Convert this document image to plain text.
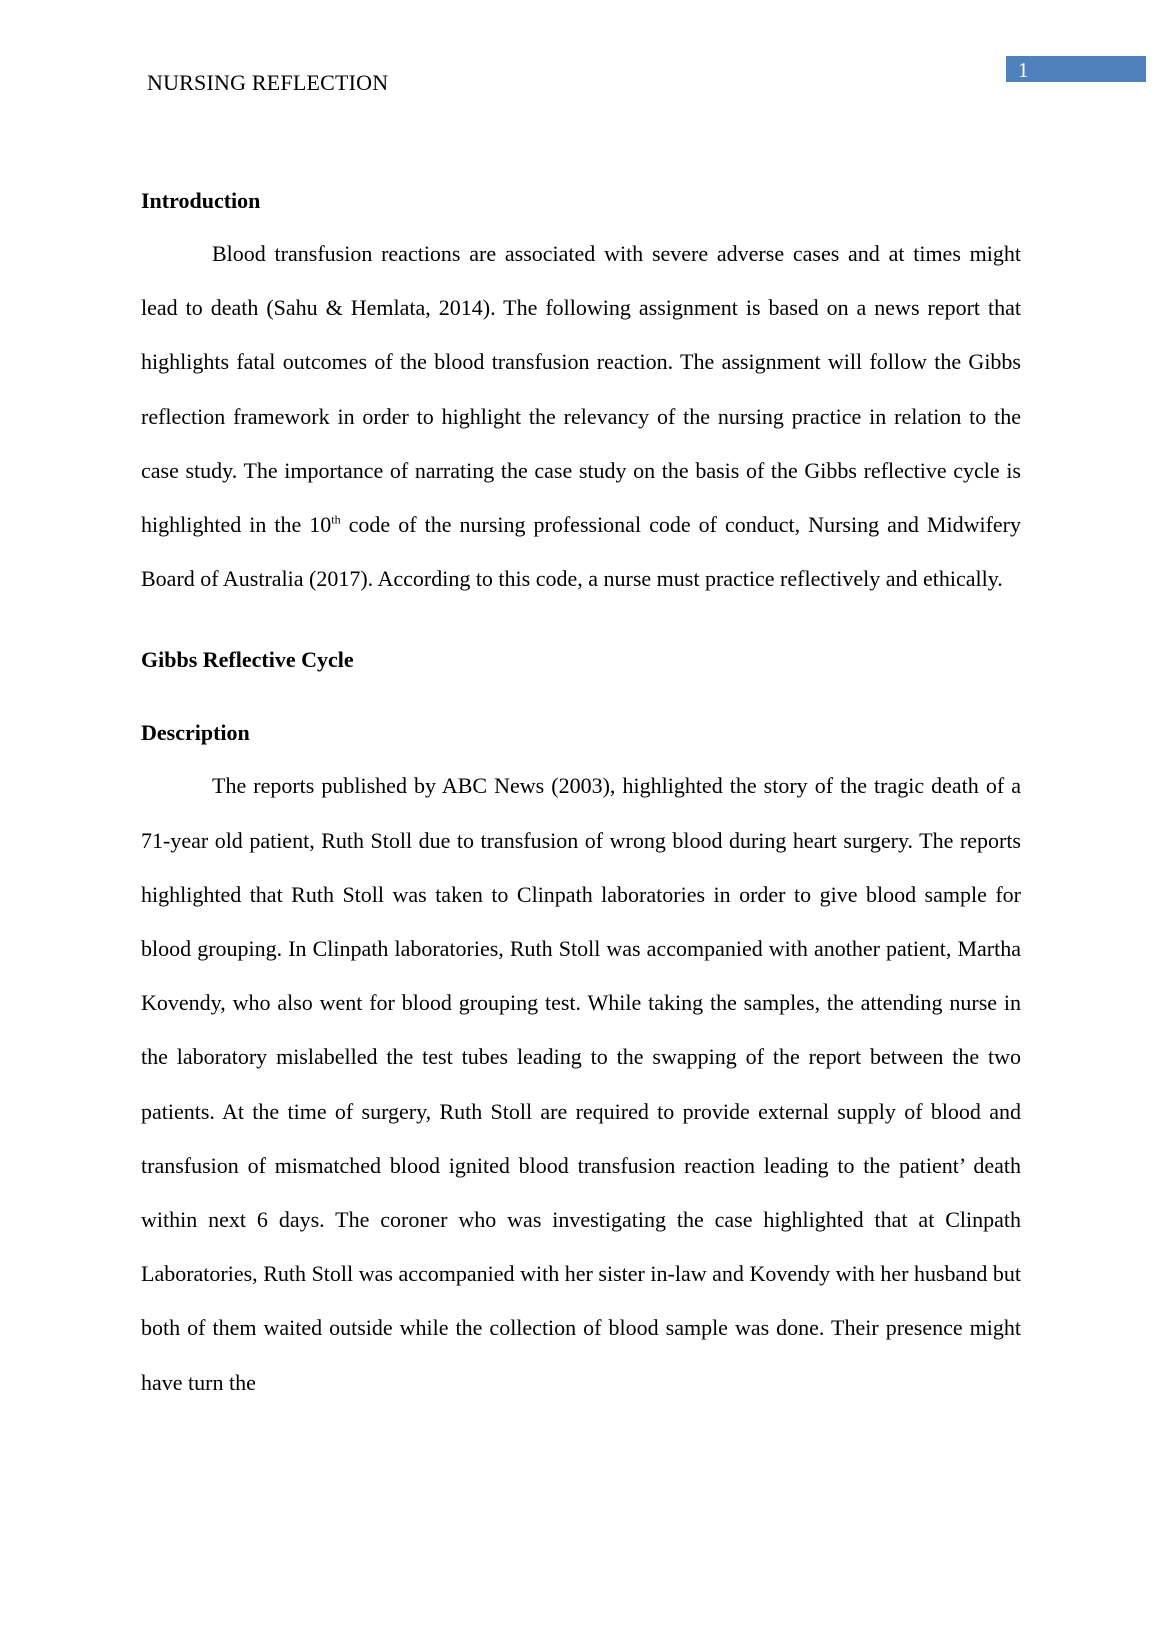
NURSING REFLECTION	1
Introduction

Blood transfusion reactions are associated with severe adverse cases and at times might lead to death (Sahu & Hemlata, 2014). The following assignment is based on a news report that highlights fatal outcomes of the blood transfusion reaction. The assignment will follow the Gibbs reflection framework in order to highlight the relevancy of the nursing practice in relation to the case study. The importance of narrating the case study on the basis of the Gibbs reflective cycle is highlighted in the 10th code of the nursing professional code of conduct, Nursing and Midwifery Board of Australia (2017). According to this code, a nurse must practice reflectively and ethically.

Gibbs Reflective Cycle
Description

The reports published by ABC News (2003), highlighted the story of the tragic death of a 71-year old patient, Ruth Stoll due to transfusion of wrong blood during heart surgery. The reports highlighted that Ruth Stoll was taken to Clinpath laboratories in order to give blood sample for blood grouping. In Clinpath laboratories, Ruth Stoll was accompanied with another patient, Martha Kovendy, who also went for blood grouping test. While taking the samples, the attending nurse in the laboratory mislabelled the test tubes leading to the swapping of the report between the two patients. At the time of surgery, Ruth Stoll are required to provide external supply of blood and transfusion of mismatched blood ignited blood transfusion reaction leading to the patient’ death within next 6 days. The coroner who was investigating the case highlighted that at Clinpath Laboratories, Ruth Stoll was accompanied with her sister in-law and Kovendy with her husband but both of them waited outside while the collection of blood sample was done. Their presence might have turn the
